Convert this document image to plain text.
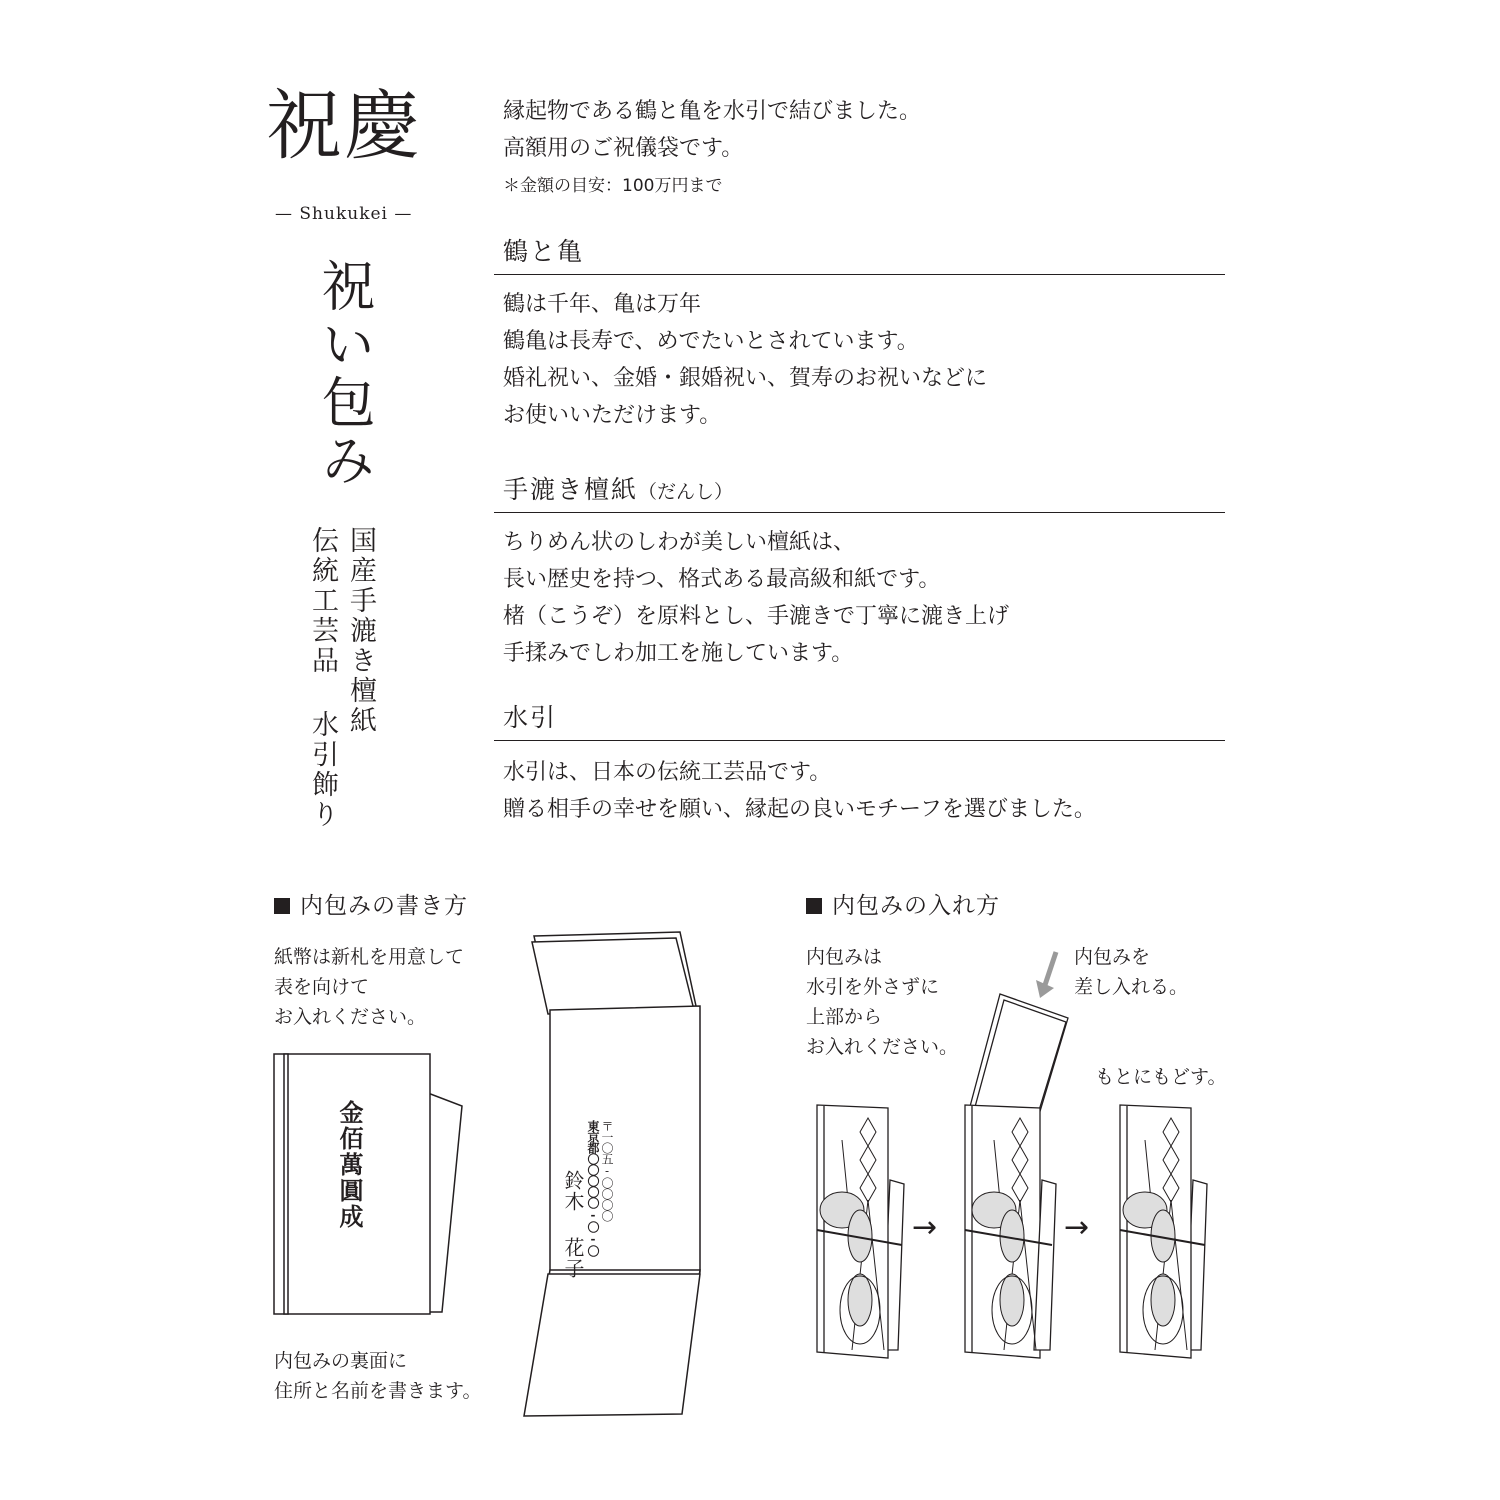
祝慶
— Shukukei —
祝い包み
国産手漉き檀紙
伝統工芸品 水引飾り
縁起物である鶴と亀を水引で結びました。
高額用のご祝儀袋です。
＊金額の目安：100万円まで
鶴と亀
鶴は千年、亀は万年
鶴亀は長寿で、めでたいとされています。
婚礼祝い、金婚・銀婚祝い、賀寿のお祝いなどに
お使いいただけます。
手漉き檀紙（だんし）
ちりめん状のしわが美しい檀紙は、
長い歴史を持つ、格式ある最高級和紙です。
楮（こうぞ）を原料とし、手漉きで丁寧に漉き上げ
手揉みでしわ加工を施しています。
水引
水引は、日本の伝統工芸品です。
贈る相手の幸せを願い、縁起の良いモチーフを選びました。
内包みの書き方
紙幣は新札を用意して
表を向けて
お入れください。
金佰萬圓成	〒一〇五-〇〇〇〇
東京都〇〇〇〇〇-〇-〇
鈴木 花子
内包みの裏面に
住所と名前を書きます。
内包みの入れ方
内包みは
水引を外さずに
上部から
お入れください。
内包みを
差し入れる。
もとにもどす。
→	→
